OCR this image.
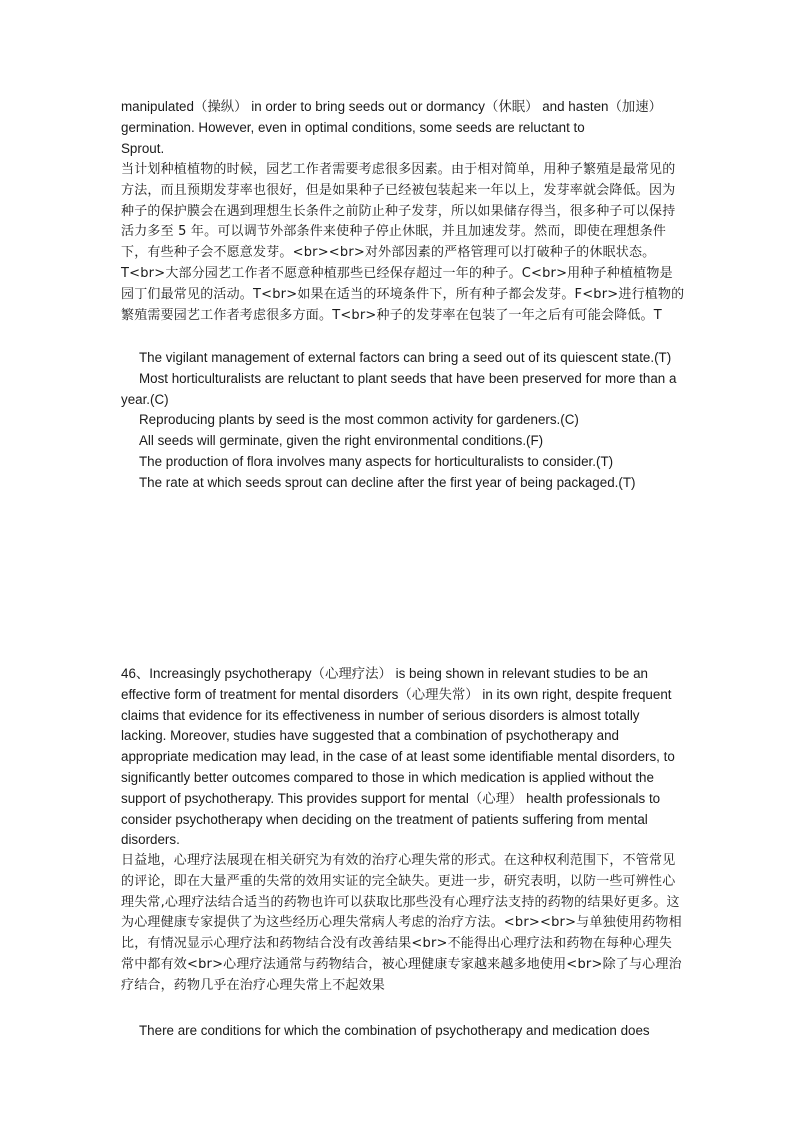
manipulated（操纵） in order to bring seeds out or dormancy（休眠） and hasten（加速）

germination. However, even in optimal conditions, some seeds are reluctant to

Sprout.

当计划种植植物的时候，园艺工作者需要考虑很多因素。由于相对简单，用种子繁殖是最常见的方法，而且预期发芽率也很好，但是如果种子已经被包装起来一年以上，发芽率就会降低。因为种子的保护膜会在遇到理想生长条件之前防止种子发芽，所以如果储存得当，很多种子可以保持活力多至 5 年。可以调节外部条件来使种子停止休眠，并且加速发芽。然而，即使在理想条件下，有些种子会不愿意发芽。<br><br>对外部因素的严格管理可以打破种子的休眠状态。T<br>大部分园艺工作者不愿意种植那些已经保存超过一年的种子。C<br>用种子种植植物是园丁们最常见的活动。T<br>如果在适当的环境条件下，所有种子都会发芽。F<br>进行植物的繁殖需要园艺工作者考虑很多方面。T<br>种子的发芽率在包装了一年之后有可能会降低。T

The vigilant management of external factors can bring a seed out of its quiescent state.(T)

Most horticulturalists are reluctant to plant seeds that have been preserved for more than a year.(C)

Reproducing plants by seed is the most common activity for gardeners.(C)

All seeds will germinate, given the right environmental conditions.(F)

The production of flora involves many aspects for horticulturalists to consider.(T)

The rate at which seeds sprout can decline after the first year of being packaged.(T)

46、Increasingly psychotherapy（心理疗法） is being shown in relevant studies to be an effective form of treatment for mental disorders（心理失常） in its own right, despite frequent claims that evidence for its effectiveness in number of serious disorders is almost totally lacking. Moreover, studies have suggested that a combination of psychotherapy and appropriate medication may lead, in the case of at least some identifiable mental disorders, to significantly better outcomes compared to those in which medication is applied without the support of psychotherapy. This provides support for mental（心理） health professionals to consider psychotherapy when deciding on the treatment of patients suffering from mental disorders.

日益地，心理疗法展现在相关研究为有效的治疗心理失常的形式。在这种权利范围下，不管常见的评论，即在大量严重的失常的效用实证的完全缺失。更进一步，研究表明，以防一些可辨性心理失常,心理疗法结合适当的药物也许可以获取比那些没有心理疗法支持的药物的结果好更多。这为心理健康专家提供了为这些经历心理失常病人考虑的治疗方法。<br><br>与单独使用药物相比，有情况显示心理疗法和药物结合没有改善结果<br>不能得出心理疗法和药物在每种心理失常中都有效<br>心理疗法通常与药物结合，被心理健康专家越来越多地使用<br>除了与心理治疗结合，药物几乎在治疗心理失常上不起效果

There are conditions for which the combination of psychotherapy and medication does
